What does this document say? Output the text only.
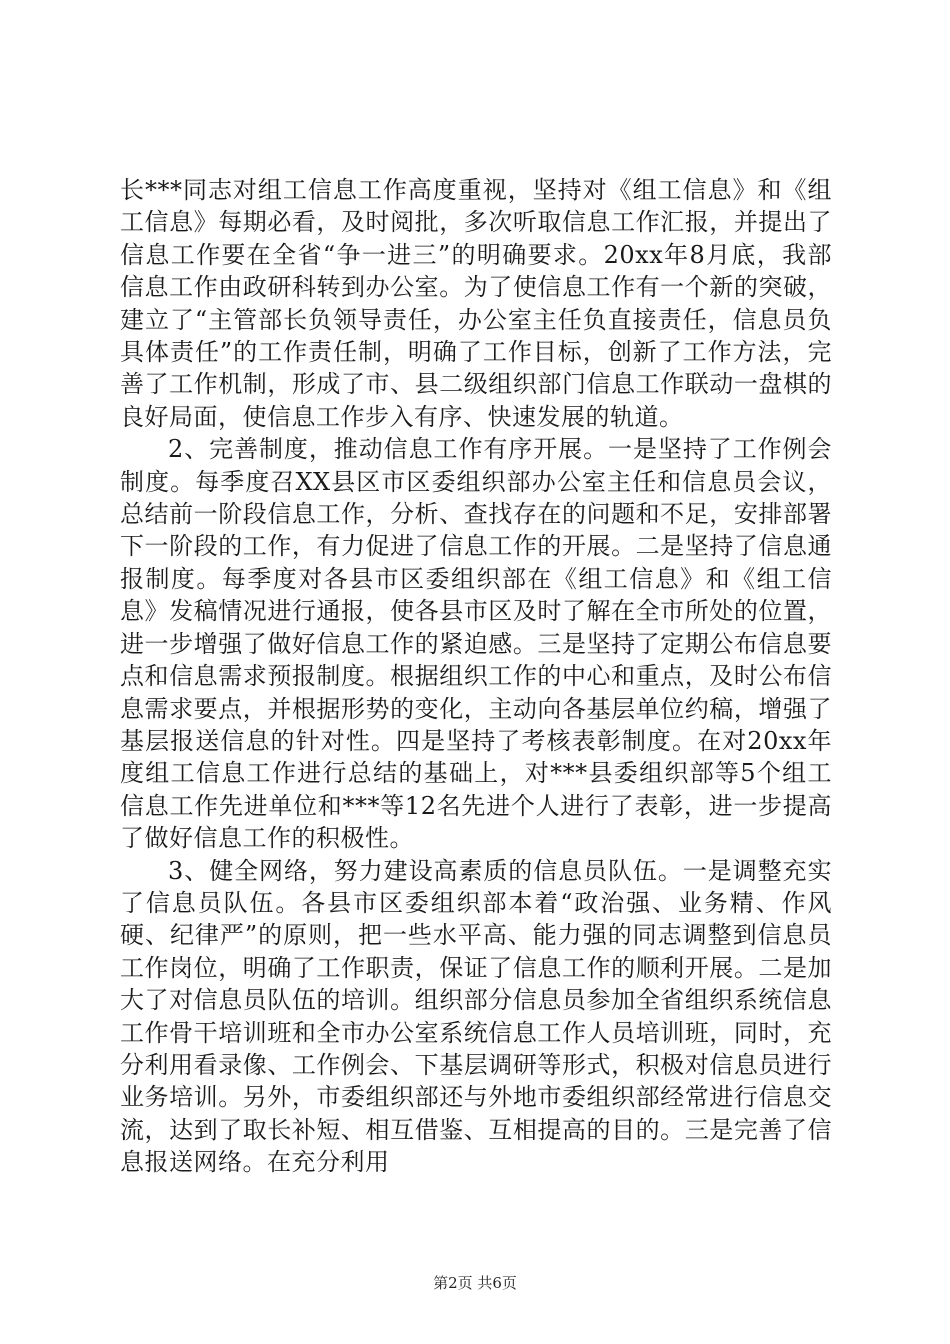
长***同志对组工信息工作高度重视，坚持对《组工信息》和《组工信息》每期必看，及时阅批，多次听取信息工作汇报，并提出了信息工作要在全省“争一进三”的明确要求。20xx年8月底，我部信息工作由政研科转到办公室。为了使信息工作有一个新的突破，建立了“主管部长负领导责任，办公室主任负直接责任，信息员负具体责任”的工作责任制，明确了工作目标，创新了工作方法，完善了工作机制，形成了市、县二级组织部门信息工作联动一盘棋的良好局面，使信息工作步入有序、快速发展的轨道。

2、完善制度，推动信息工作有序开展。一是坚持了工作例会制度。每季度召XX县区市区委组织部办公室主任和信息员会议，总结前一阶段信息工作，分析、查找存在的问题和不足，安排部署下一阶段的工作，有力促进了信息工作的开展。二是坚持了信息通报制度。每季度对各县市区委组织部在《组工信息》和《组工信息》发稿情况进行通报，使各县市区及时了解在全市所处的位置，进一步增强了做好信息工作的紧迫感。三是坚持了定期公布信息要点和信息需求预报制度。根据组织工作的中心和重点，及时公布信息需求要点，并根据形势的变化，主动向各基层单位约稿，增强了基层报送信息的针对性。四是坚持了考核表彰制度。在对20xx年度组工信息工作进行总结的基础上，对***县委组织部等5个组工信息工作先进单位和***等12名先进个人进行了表彰，进一步提高了做好信息工作的积极性。

3、健全网络，努力建设高素质的信息员队伍。一是调整充实了信息员队伍。各县市区委组织部本着“政治强、业务精、作风硬、纪律严”的原则，把一些水平高、能力强的同志调整到信息员工作岗位，明确了工作职责，保证了信息工作的顺利开展。二是加大了对信息员队伍的培训。组织部分信息员参加全省组织系统信息工作骨干培训班和全市办公室系统信息工作人员培训班，同时，充分利用看录像、工作例会、下基层调研等形式，积极对信息员进行业务培训。另外，市委组织部还与外地市委组织部经常进行信息交流，达到了取长补短、相互借鉴、互相提高的目的。三是完善了信息报送网络。在充分利用

第2页 共6页
